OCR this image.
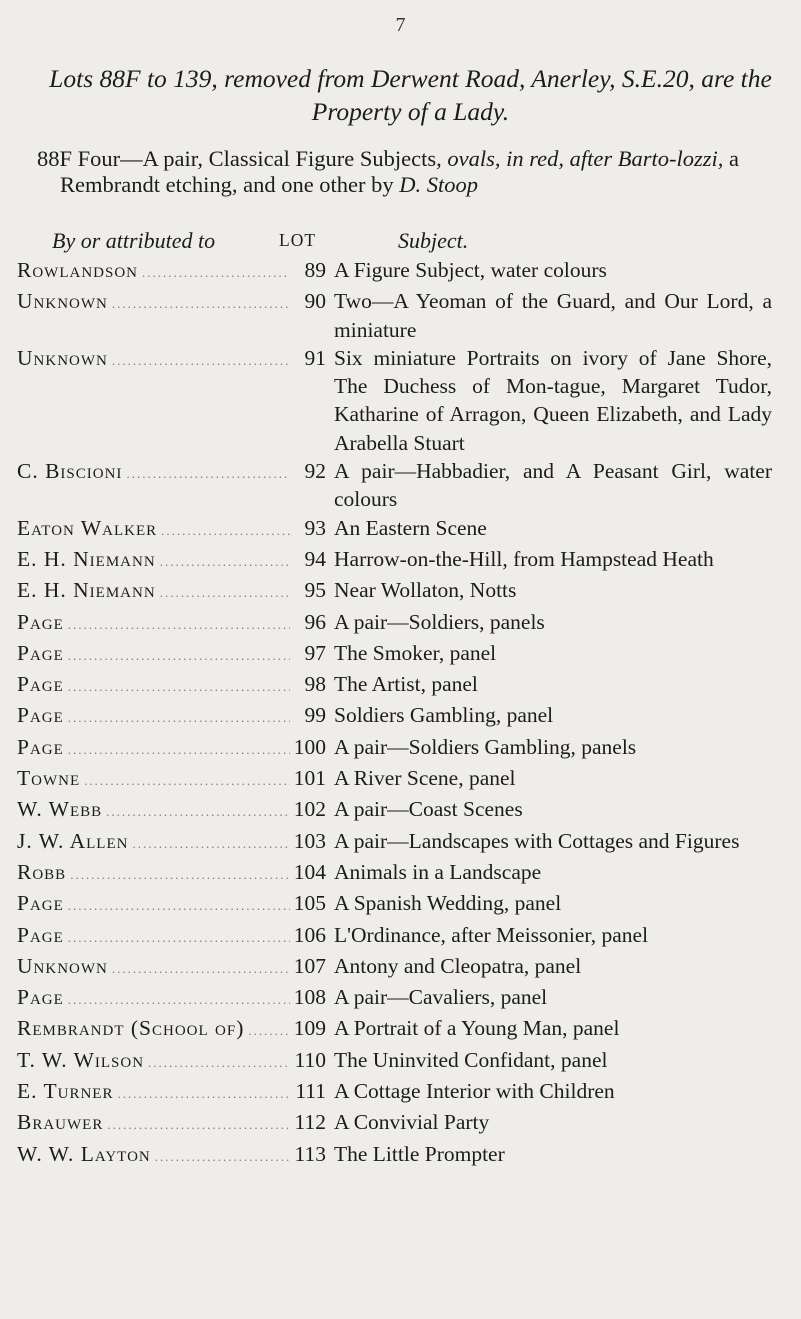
7
Lots 88F to 139, removed from Derwent Road, Anerley, S.E.20, are the Property of a Lady.
88F Four—A pair, Classical Figure Subjects, ovals, in red, after Barto-lozzi, a Rembrandt etching, and one other by D. Stoop
By or attributed to	LOT	Subject.
Rowlandson .....	89 A Figure Subject, water colours
Unknown .....	90 Two—A Yeoman of the Guard, and Our Lord, a miniature
Unknown .....	91 Six miniature Portraits on ivory of Jane Shore, The Duchess of Mon-tague, Margaret Tudor, Katharine of Arragon, Queen Elizabeth, and Lady Arabella Stuart
C. Biscioni .....	92 A pair—Habbadier, and A Peasant Girl, water colours
Eaton Walker .....	93 An Eastern Scene
E. H. Niemann .....	94 Harrow-on-the-Hill, from Hampstead Heath
E. H. Niemann .....	95 Near Wollaton, Notts
Page .....	96 A pair—Soldiers, panels
Page .....	97 The Smoker, panel
Page .....	98 The Artist, panel
Page .....	99 Soldiers Gambling, panel
Page .....	100 A pair—Soldiers Gambling, panels
Towne .....	101 A River Scene, panel
W. Webb .....	102 A pair—Coast Scenes
J. W. Allen .....	103 A pair—Landscapes with Cottages and Figures
Robb .....	104 Animals in a Landscape
Page .....	105 A Spanish Wedding, panel
Page .....	106 L'Ordinance, after Meissonier, panel
Unknown .....	107 Antony and Cleopatra, panel
Page .....	108 A pair—Cavaliers, panel
Rembrandt (School of) ..... 109 A Portrait of a Young Man, panel
T. W. Wilson .....	110 The Uninvited Confidant, panel
E. Turner .....	111 A Cottage Interior with Children
Brauwer .....	112 A Convivial Party
W. W. Layton .....	113 The Little Prompter
